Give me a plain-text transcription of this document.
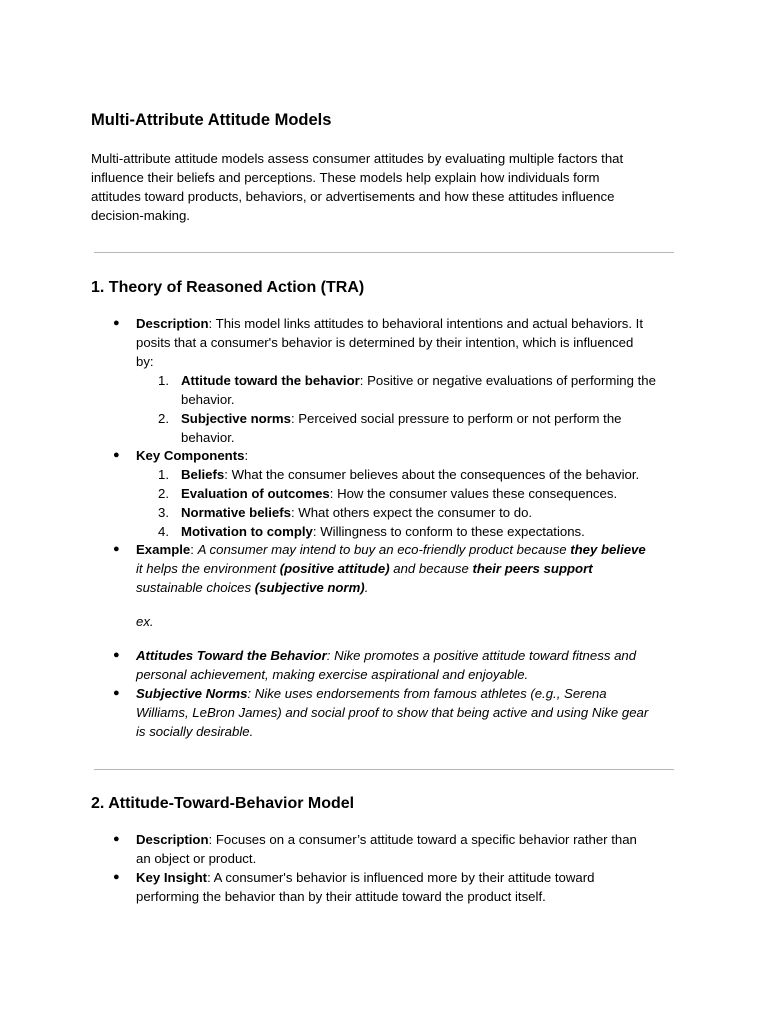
Multi-Attribute Attitude Models
Multi-attribute attitude models assess consumer attitudes by evaluating multiple factors that
influence their beliefs and perceptions. These models help explain how individuals form
attitudes toward products, behaviors, or advertisements and how these attitudes influence
decision-making.
1. Theory of Reasoned Action (TRA)
● Description: This model links attitudes to behavioral intentions and actual behaviors. It
posits that a consumer's behavior is determined by their intention, which is influenced
by:
1. Attitude toward the behavior: Positive or negative evaluations of performing the
behavior.
2. Subjective norms: Perceived social pressure to perform or not perform the
behavior.
● Key Components:
1. Beliefs: What the consumer believes about the consequences of the behavior.
2. Evaluation of outcomes: How the consumer values these consequences.
3. Normative beliefs: What others expect the consumer to do.
4. Motivation to comply: Willingness to conform to these expectations.
● Example: A consumer may intend to buy an eco-friendly product because they believe
it helps the environment (positive attitude) and because their peers support
sustainable choices (subjective norm).
ex.
● Attitudes Toward the Behavior: Nike promotes a positive attitude toward fitness and
personal achievement, making exercise aspirational and enjoyable.
● Subjective Norms: Nike uses endorsements from famous athletes (e.g., Serena
Williams, LeBron James) and social proof to show that being active and using Nike gear
is socially desirable.
2. Attitude-Toward-Behavior Model
● Description: Focuses on a consumer’s attitude toward a specific behavior rather than
an object or product.
● Key Insight: A consumer's behavior is influenced more by their attitude toward
performing the behavior than by their attitude toward the product itself.
